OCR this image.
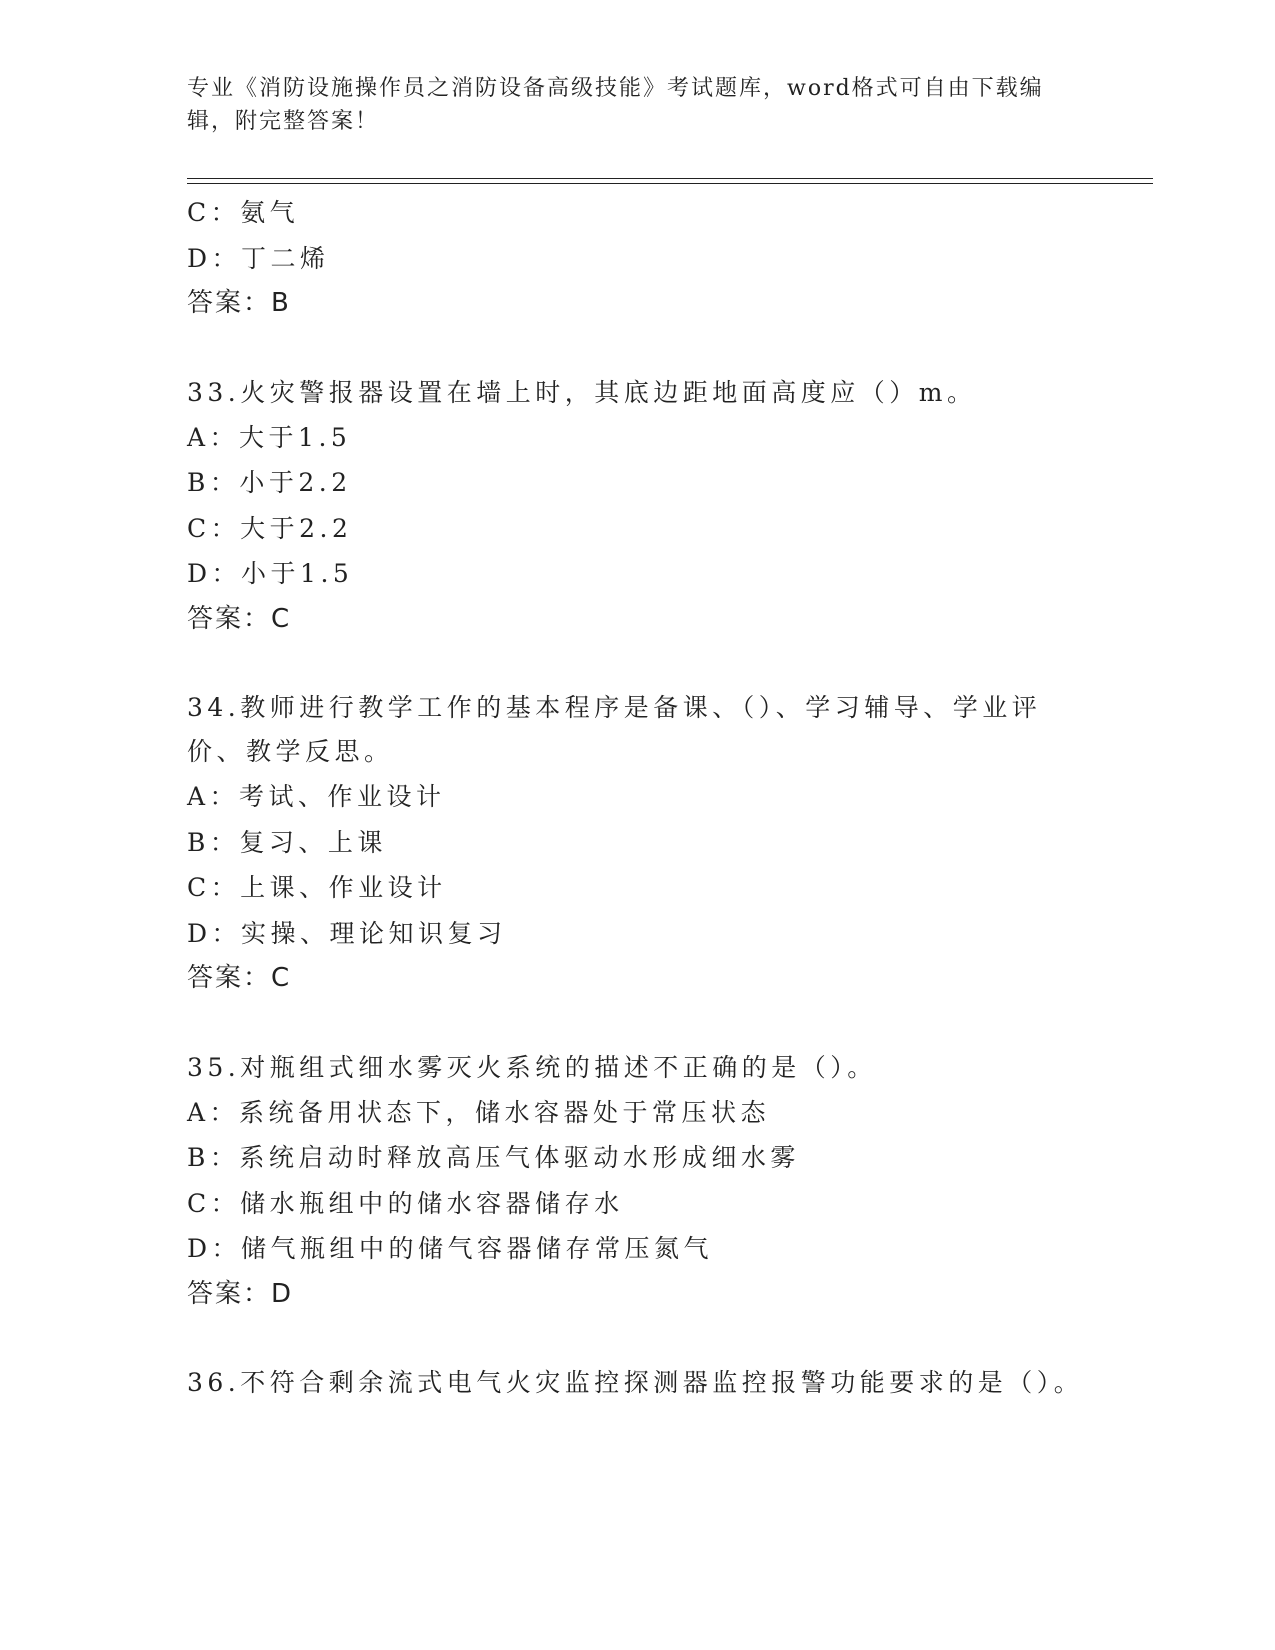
专业《消防设施操作员之消防设备高级技能》考试题库，word格式可自由下载编辑，附完整答案！
C：氨气
D：丁二烯
答案：B
33.火灾警报器设置在墙上时，其底边距地面高度应（）m。
A：大于1.5
B：小于2.2
C：大于2.2
D：小于1.5
答案：C
34.教师进行教学工作的基本程序是备课、（）、学习辅导、学业评价、教学反思。
A：考试、作业设计
B：复习、上课
C：上课、作业设计
D：实操、理论知识复习
答案：C
35.对瓶组式细水雾灭火系统的描述不正确的是（）。
A：系统备用状态下，储水容器处于常压状态
B：系统启动时释放高压气体驱动水形成细水雾
C：储水瓶组中的储水容器储存水
D：储气瓶组中的储气容器储存常压氮气
答案：D
36.不符合剩余流式电气火灾监控探测器监控报警功能要求的是（）。
